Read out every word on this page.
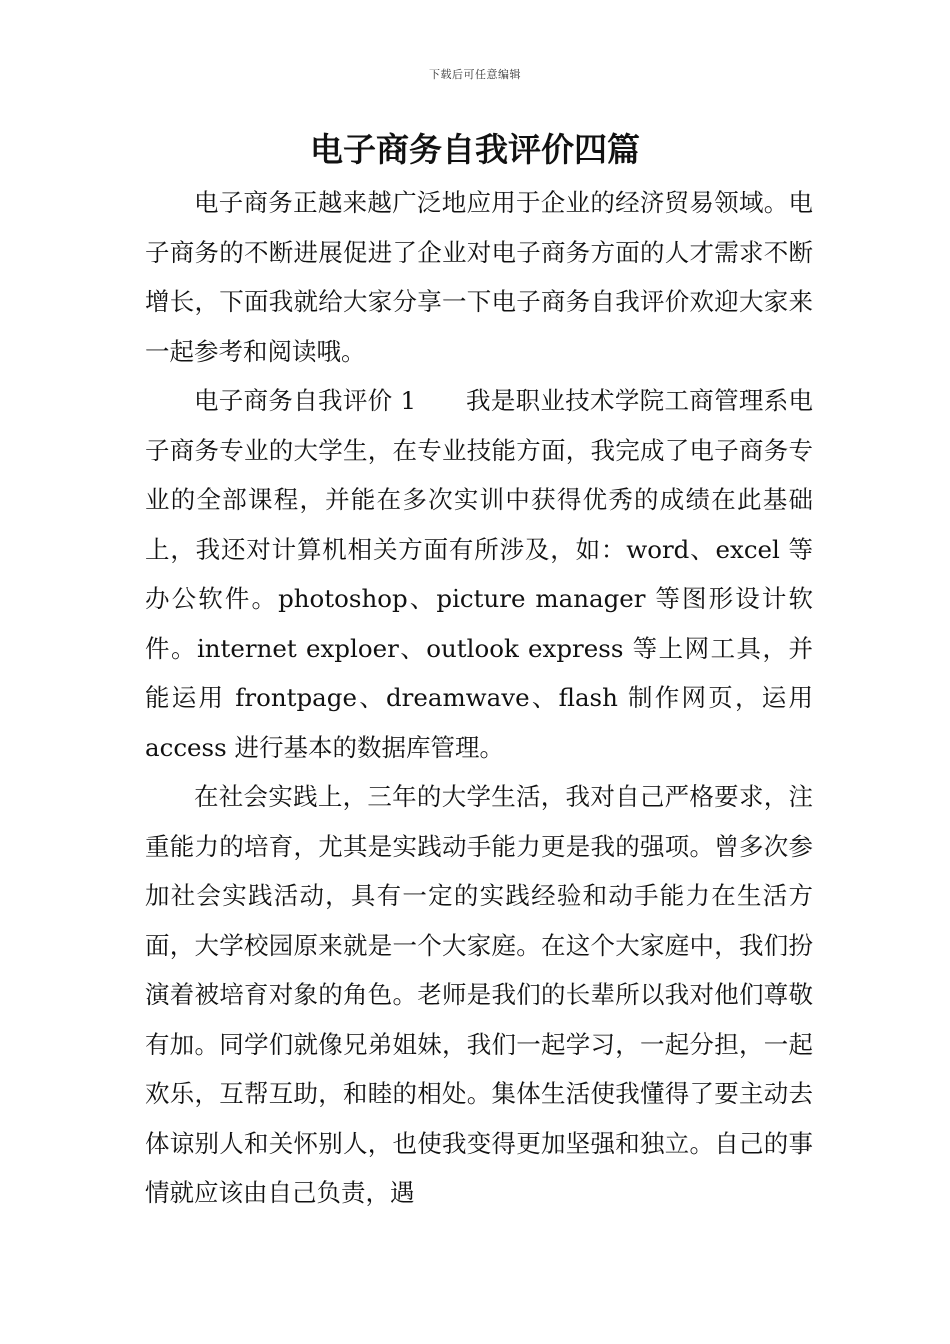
下载后可任意编辑
电子商务自我评价四篇

电子商务正越来越广泛地应用于企业的经济贸易领域。电子商务的不断进展促进了企业对电子商务方面的人才需求不断增长，下面我就给大家分享一下电子商务自我评价欢迎大家来一起参考和阅读哦。

电子商务自我评价 1　　我是职业技术学院工商管理系电子商务专业的大学生，在专业技能方面，我完成了电子商务专业的全部课程，并能在多次实训中获得优秀的成绩在此基础上，我还对计算机相关方面有所涉及，如：word、excel 等办公软件。photoshop、picture manager 等图形设计软件。internet exploer、outlook express 等上网工具，并能运用 frontpage、dreamwave、flash 制作网页，运用 access 进行基本的数据库管理。

在社会实践上，三年的大学生活，我对自己严格要求，注重能力的培育，尤其是实践动手能力更是我的强项。曾多次参加社会实践活动，具有一定的实践经验和动手能力在生活方面，大学校园原来就是一个大家庭。在这个大家庭中，我们扮演着被培育对象的角色。老师是我们的长辈所以我对他们尊敬有加。同学们就像兄弟姐妹，我们一起学习，一起分担，一起欢乐，互帮互助，和睦的相处。集体生活使我懂得了要主动去体谅别人和关怀别人，也使我变得更加坚强和独立。自己的事情就应该由自己负责，遇
